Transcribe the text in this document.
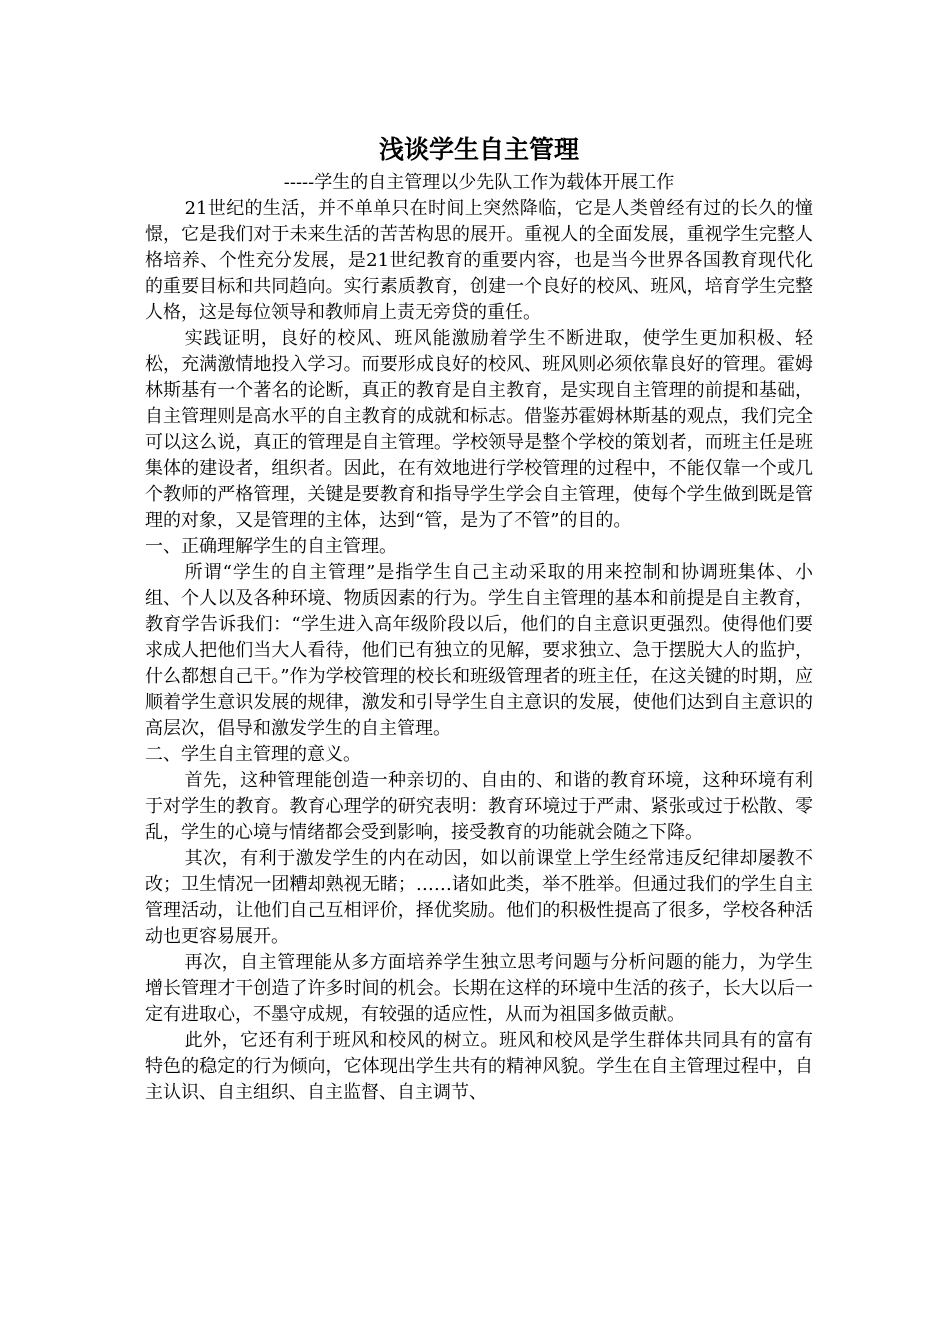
浅谈学生自主管理

-----学生的自主管理以少先队工作为载体开展工作

21世纪的生活，并不单单只在时间上突然降临，它是人类曾经有过的长久的憧憬，它是我们对于未来生活的苦苦构思的展开。重视人的全面发展，重视学生完整人格培养、个性充分发展，是21世纪教育的重要内容，也是当今世界各国教育现代化的重要目标和共同趋向。实行素质教育，创建一个良好的校风、班风，培育学生完整人格，这是每位领导和教师肩上责无旁贷的重任。

实践证明，良好的校风、班风能激励着学生不断进取，使学生更加积极、轻松，充满激情地投入学习。而要形成良好的校风、班风则必须依靠良好的管理。霍姆林斯基有一个著名的论断，真正的教育是自主教育，是实现自主管理的前提和基础，自主管理则是高水平的自主教育的成就和标志。借鉴苏霍姆林斯基的观点，我们完全可以这么说，真正的管理是自主管理。学校领导是整个学校的策划者，而班主任是班集体的建设者，组织者。因此，在有效地进行学校管理的过程中，不能仅靠一个或几个教师的严格管理，关键是要教育和指导学生学会自主管理，使每个学生做到既是管理的对象，又是管理的主体，达到“管，是为了不管”的目的。

一、正确理解学生的自主管理。

所谓“学生的自主管理”是指学生自己主动采取的用来控制和协调班集体、小组、个人以及各种环境、物质因素的行为。学生自主管理的基本和前提是自主教育，教育学告诉我们：“学生进入高年级阶段以后，他们的自主意识更强烈。使得他们要求成人把他们当大人看待，他们已有独立的见解，要求独立、急于摆脱大人的监护，什么都想自己干。”作为学校管理的校长和班级管理者的班主任，在这关键的时期，应顺着学生意识发展的规律，激发和引导学生自主意识的发展，使他们达到自主意识的高层次，倡导和激发学生的自主管理。

二、学生自主管理的意义。

首先，这种管理能创造一种亲切的、自由的、和谐的教育环境，这种环境有利于对学生的教育。教育心理学的研究表明：教育环境过于严肃、紧张或过于松散、零乱，学生的心境与情绪都会受到影响，接受教育的功能就会随之下降。

其次，有利于激发学生的内在动因，如以前课堂上学生经常违反纪律却屡教不改；卫生情况一团糟却熟视无睹；……诸如此类，举不胜举。但通过我们的学生自主管理活动，让他们自己互相评价，择优奖励。他们的积极性提高了很多，学校各种活动也更容易展开。

再次，自主管理能从多方面培养学生独立思考问题与分析问题的能力，为学生增长管理才干创造了许多时间的机会。长期在这样的环境中生活的孩子，长大以后一定有进取心，不墨守成规，有较强的适应性，从而为祖国多做贡献。

此外，它还有利于班风和校风的树立。班风和校风是学生群体共同具有的富有特色的稳定的行为倾向，它体现出学生共有的精神风貌。学生在自主管理过程中，自主认识、自主组织、自主监督、自主调节、
